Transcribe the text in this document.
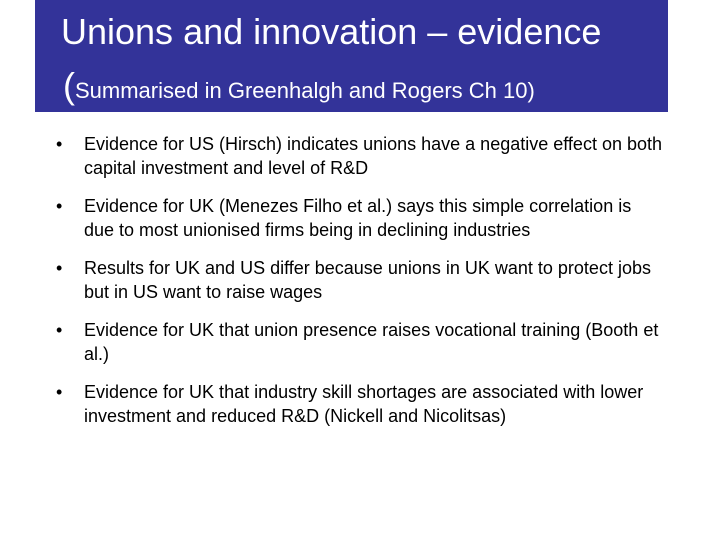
Unions and innovation – evidence
(Summarised in Greenhalgh and Rogers Ch 10)
• Evidence for US (Hirsch) indicates unions have a negative effect on both capital investment and level of R&D
• Evidence for UK (Menezes Filho et al.) says this simple correlation is due to most unionised firms being in declining industries
• Results for UK and US differ because unions in UK want to protect jobs but in US want to raise wages
• Evidence for UK that union presence raises vocational training (Booth et al.)
• Evidence for UK that industry skill shortages are associated with lower investment and reduced R&D (Nickell and Nicolitsas)
